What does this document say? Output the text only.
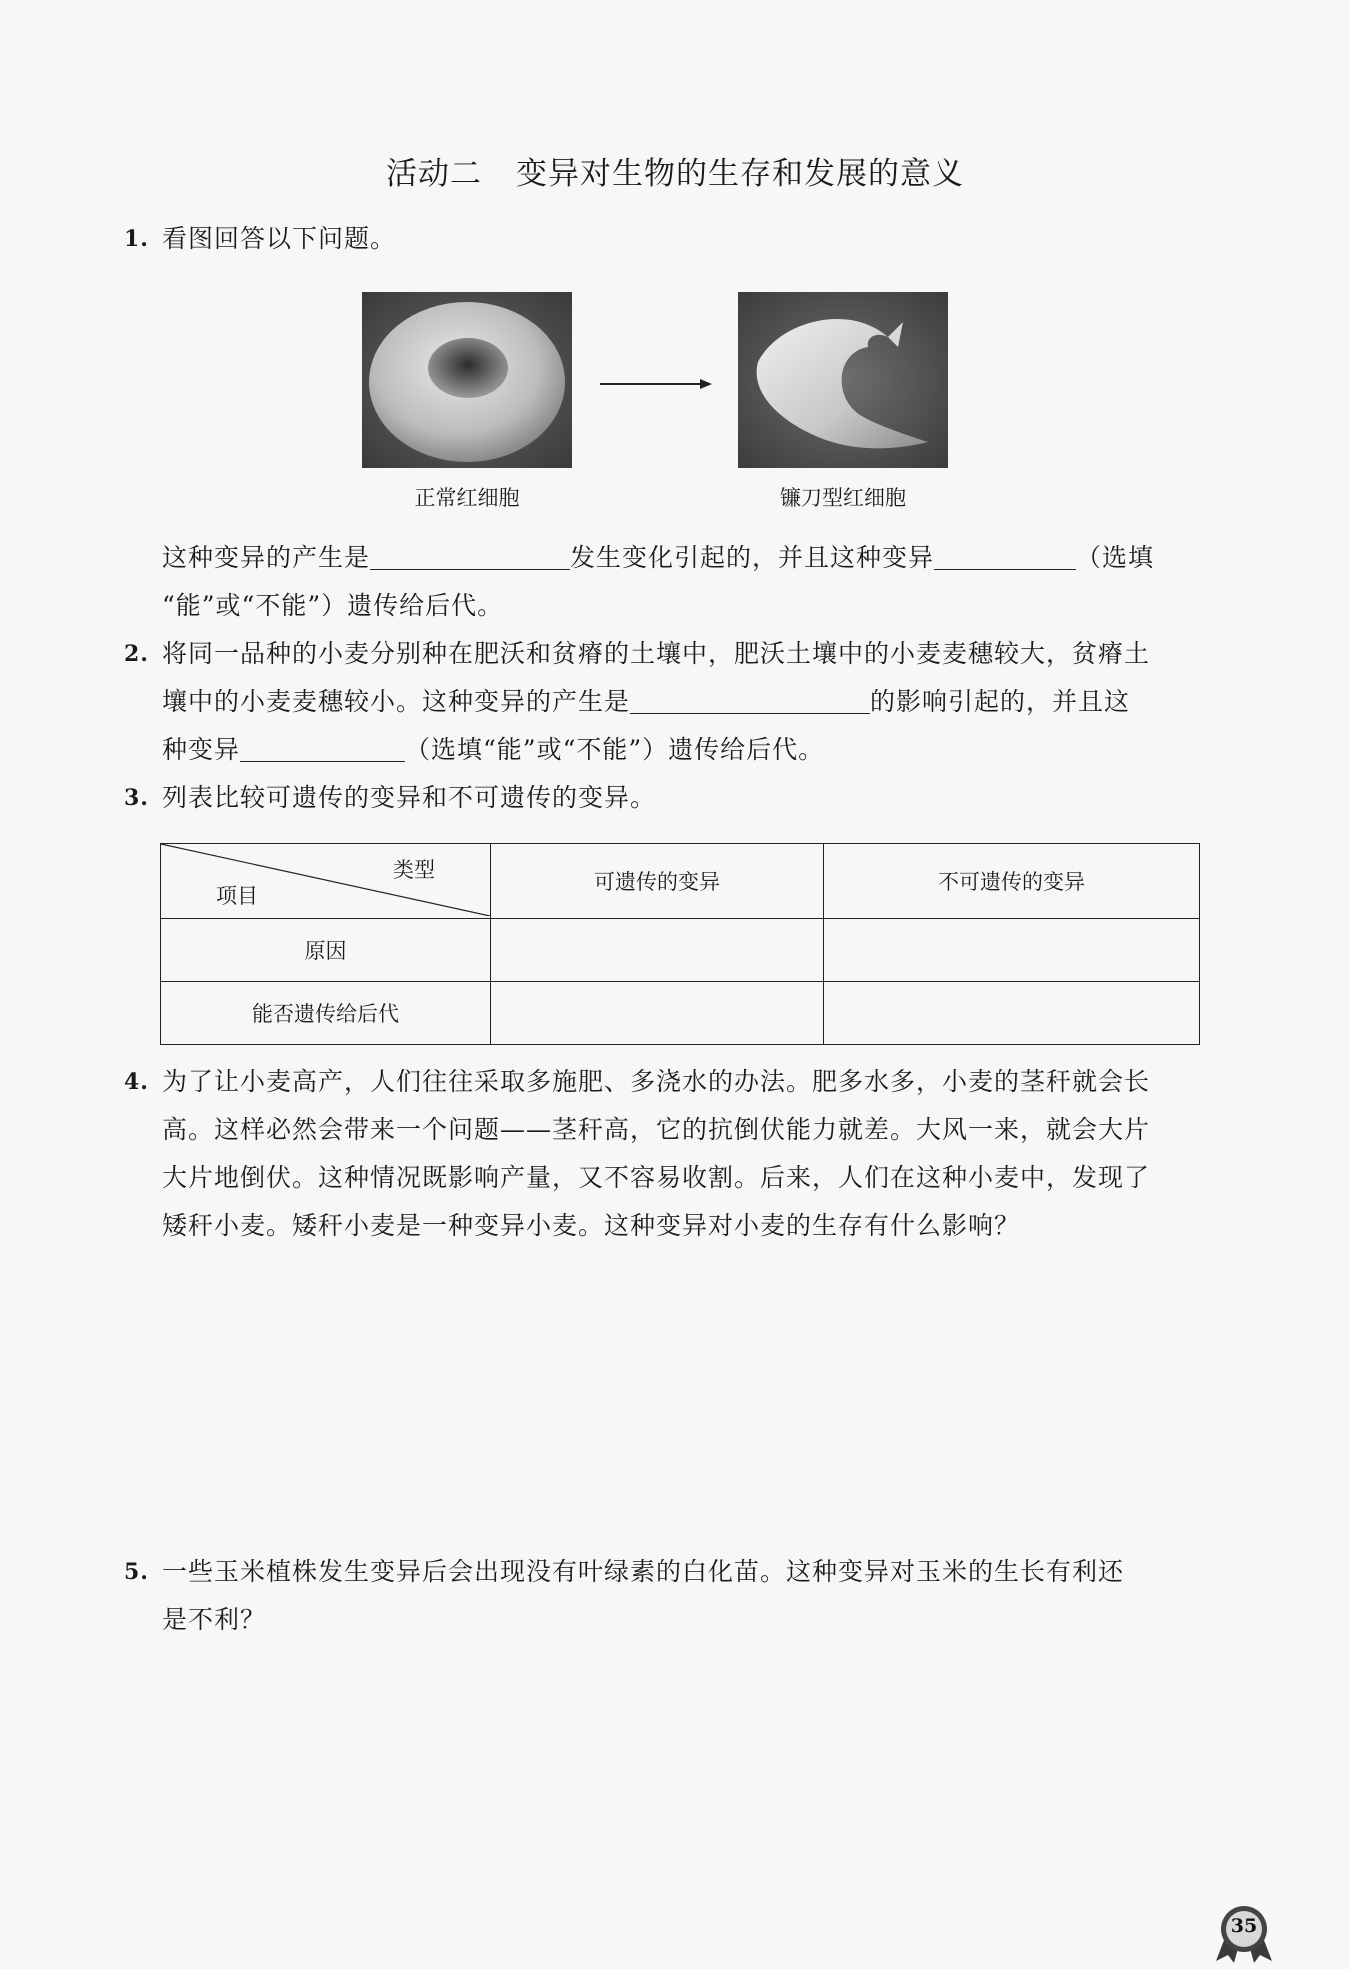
活动二 变异对生物的生存和发展的意义
1. 看图回答以下问题。
正常红细胞	镰刀型红细胞
这种变异的产生是	发生变化引起的，并且这种变异	（选填
“能”或“不能”）遗传给后代。
2. 将同一品种的小麦分别种在肥沃和贫瘠的土壤中，肥沃土壤中的小麦麦穗较大，贫瘠土
壤中的小麦麦穗较小。这种变异的产生是	的影响引起的，并且这
种变异	（选填“能”或“不能”）遗传给后代。
3. 列表比较可遗传的变异和不可遗传的变异。
类型
项目	可遗传的变异	不可遗传的变异
原因		
能否遗传给后代		
4. 为了让小麦高产，人们往往采取多施肥、多浇水的办法。肥多水多，小麦的茎秆就会长
高。这样必然会带来一个问题——茎秆高，它的抗倒伏能力就差。大风一来，就会大片
大片地倒伏。这种情况既影响产量，又不容易收割。后来，人们在这种小麦中，发现了
矮秆小麦。矮秆小麦是一种变异小麦。这种变异对小麦的生存有什么影响？
5. 一些玉米植株发生变异后会出现没有叶绿素的白化苗。这种变异对玉米的生长有利还
是不利？
35
